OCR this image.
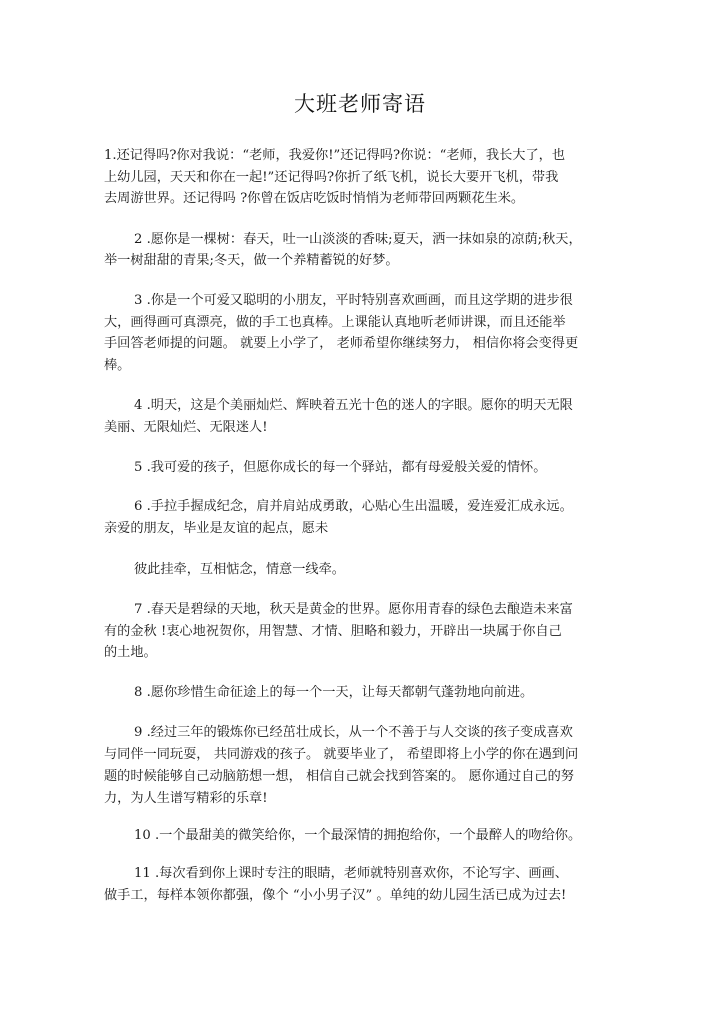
大班老师寄语
1.还记得吗?你对我说：“老师，我爱你!”还记得吗?你说：“老师，我长大了，也
上幼儿园，天天和你在一起!”还记得吗?你折了纸飞机，说长大要开飞机，带我
去周游世界。还记得吗 ?你曾在饭店吃饭时悄悄为老师带回两颗花生米。
2 .愿你是一棵树：春天，吐一山淡淡的香味;夏天，洒一抹如泉的凉荫;秋天，
举一树甜甜的青果;冬天，做一个养精蓄锐的好梦。
3 .你是一个可爱又聪明的小朋友，平时特别喜欢画画，而且这学期的进步很
大，画得画可真漂亮，做的手工也真棒。上课能认真地听老师讲课，而且还能举
手回答老师提的问题。 就要上小学了， 老师希望你继续努力， 相信你将会变得更
棒。
4 .明天，这是个美丽灿烂、辉映着五光十色的迷人的字眼。愿你的明天无限
美丽、无限灿烂、无限迷人!
5 .我可爱的孩子，但愿你成长的每一个驿站，都有母爱般关爱的情怀。
6 .手拉手握成纪念，肩并肩站成勇敢，心贴心生出温暖，爱连爱汇成永远。
亲爱的朋友，毕业是友谊的起点，愿未
彼此挂牵，互相惦念，情意一线牵。
7 .春天是碧绿的天地，秋天是黄金的世界。愿你用青春的绿色去酿造未来富
有的金秋 !衷心地祝贺你，用智慧、才情、胆略和毅力，开辟出一块属于你自己
的土地。
8 .愿你珍惜生命征途上的每一个一天，让每天都朝气蓬勃地向前进。
9 .经过三年的锻炼你已经茁壮成长，从一个不善于与人交谈的孩子变成喜欢
与同伴一同玩耍， 共同游戏的孩子。 就要毕业了， 希望即将上小学的你在遇到问
题的时候能够自己动脑筋想一想， 相信自己就会找到答案的。 愿你通过自己的努
力，为人生谱写精彩的乐章!
10 .一个最甜美的微笑给你，一个最深情的拥抱给你，一个最醉人的吻给你。
11 .每次看到你上课时专注的眼睛，老师就特别喜欢你，不论写字、画画、
做手工，每样本领你都强，像个 “小小男子汉” 。单纯的幼儿园生活已成为过去!
